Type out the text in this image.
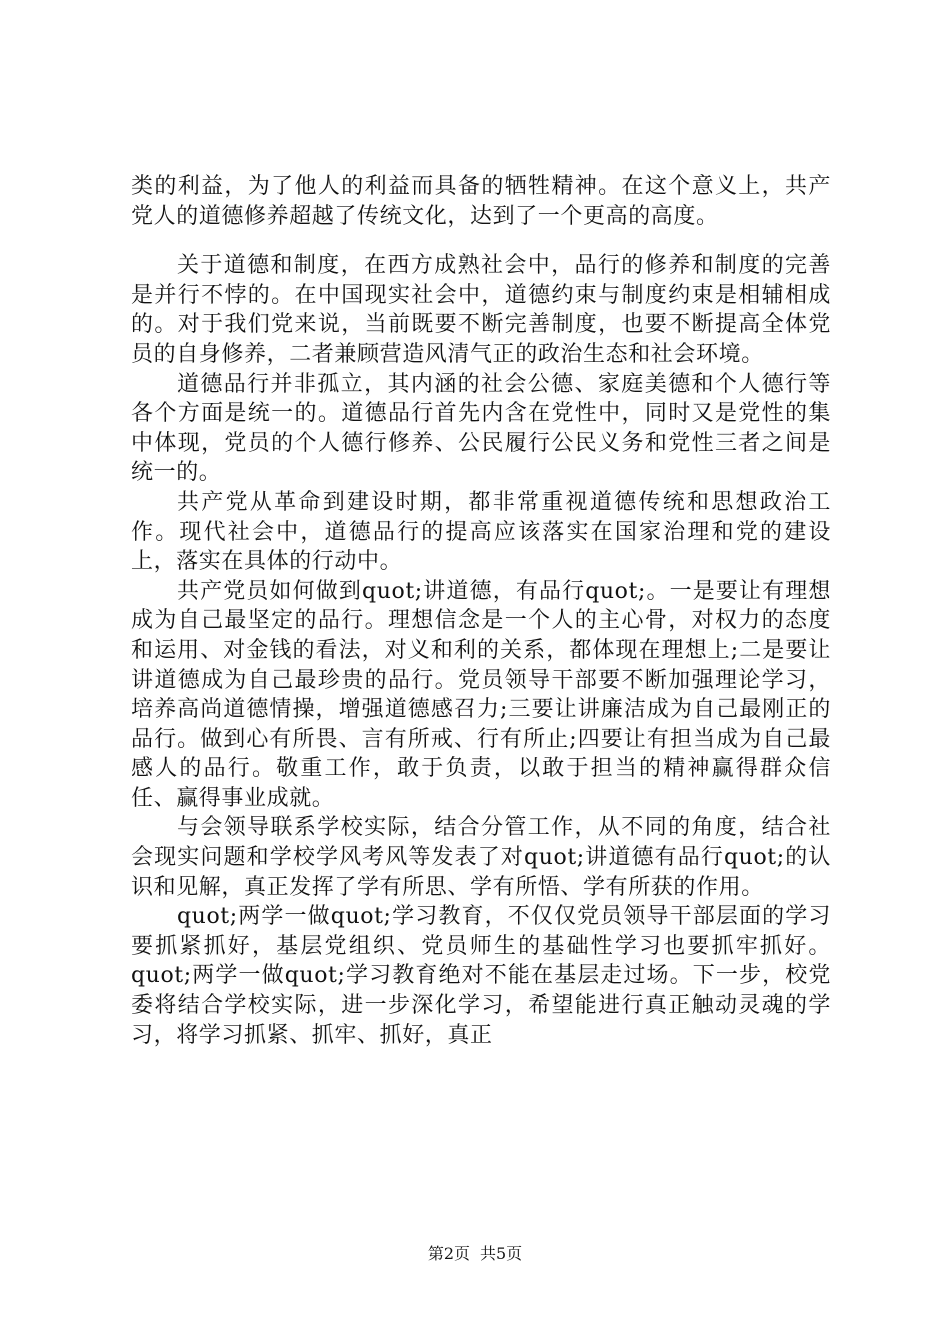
类的利益，为了他人的利益而具备的牺牲精神。在这个意义上，共产党人的道德修养超越了传统文化，达到了一个更高的高度。

关于道德和制度，在西方成熟社会中，品行的修养和制度的完善是并行不悖的。在中国现实社会中，道德约束与制度约束是相辅相成的。对于我们党来说，当前既要不断完善制度，也要不断提高全体党员的自身修养，二者兼顾营造风清气正的政治生态和社会环境。

道德品行并非孤立，其内涵的社会公德、家庭美德和个人德行等各个方面是统一的。道德品行首先内含在党性中，同时又是党性的集中体现，党员的个人德行修养、公民履行公民义务和党性三者之间是统一的。

共产党从革命到建设时期，都非常重视道德传统和思想政治工作。现代社会中，道德品行的提高应该落实在国家治理和党的建设上，落实在具体的行动中。

共产党员如何做到quot;讲道德，有品行quot;。一是要让有理想成为自己最坚定的品行。理想信念是一个人的主心骨，对权力的态度和运用、对金钱的看法，对义和利的关系，都体现在理想上;二是要让讲道德成为自己最珍贵的品行。党员领导干部要不断加强理论学习，培养高尚道德情操，增强道德感召力;三要让讲廉洁成为自己最刚正的品行。做到心有所畏、言有所戒、行有所止;四要让有担当成为自己最感人的品行。敬重工作，敢于负责，以敢于担当的精神赢得群众信任、赢得事业成就。

与会领导联系学校实际，结合分管工作，从不同的角度，结合社会现实问题和学校学风考风等发表了对quot;讲道德有品行quot;的认识和见解，真正发挥了学有所思、学有所悟、学有所获的作用。

quot;两学一做quot;学习教育，不仅仅党员领导干部层面的学习要抓紧抓好，基层党组织、党员师生的基础性学习也要抓牢抓好。quot;两学一做quot;学习教育绝对不能在基层走过场。下一步，校党委将结合学校实际，进一步深化学习，希望能进行真正触动灵魂的学习，将学习抓紧、抓牢、抓好，真正

第2页 共5页
